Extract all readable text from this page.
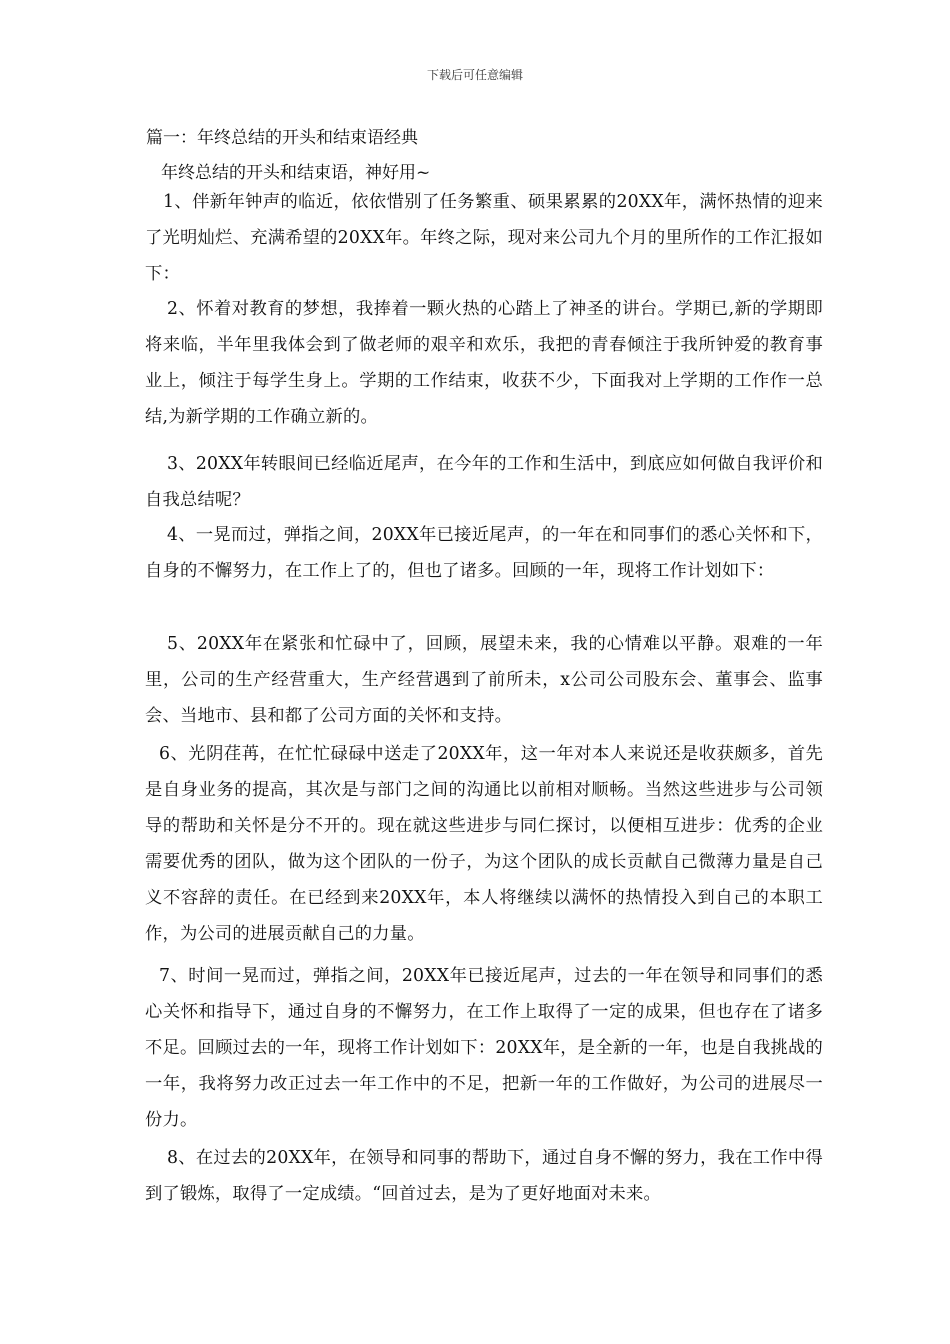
下载后可任意编辑
篇一：年终总结的开头和结束语经典
年终总结的开头和结束语，神好用~

1、伴新年钟声的临近，依依惜别了任务繁重、硕果累累的20XX年，满怀热情的迎来了光明灿烂、充满希望的20XX年。年终之际，现对来公司九个月的里所作的工作汇报如下：

2、怀着对教育的梦想，我捧着一颗火热的心踏上了神圣的讲台。学期已,新的学期即将来临，半年里我体会到了做老师的艰辛和欢乐，我把的青春倾注于我所钟爱的教育事业上，倾注于每学生身上。学期的工作结束，收获不少，下面我对上学期的工作作一总结,为新学期的工作确立新的。

3、20XX年转眼间已经临近尾声，在今年的工作和生活中，到底应如何做自我评价和自我总结呢？

4、一晃而过，弹指之间，20XX年已接近尾声，的一年在和同事们的悉心关怀和下，自身的不懈努力，在工作上了的，但也了诸多。回顾的一年，现将工作计划如下：

5、20XX年在紧张和忙碌中了，回顾，展望未来，我的心情难以平静。艰难的一年里，公司的生产经营重大，生产经营遇到了前所未，x公司公司股东会、董事会、监事会、当地市、县和都了公司方面的关怀和支持。

6、光阴荏苒，在忙忙碌碌中送走了20XX年，这一年对本人来说还是收获颇多，首先是自身业务的提高，其次是与部门之间的沟通比以前相对顺畅。当然这些进步与公司领导的帮助和关怀是分不开的。现在就这些进步与同仁探讨，以便相互进步：优秀的企业需要优秀的团队，做为这个团队的一份子，为这个团队的成长贡献自己微薄力量是自己义不容辞的责任。在已经到来20XX年，本人将继续以满怀的热情投入到自己的本职工作，为公司的进展贡献自己的力量。

7、时间一晃而过，弹指之间，20XX年已接近尾声，过去的一年在领导和同事们的悉心关怀和指导下，通过自身的不懈努力，在工作上取得了一定的成果，但也存在了诸多不足。回顾过去的一年，现将工作计划如下：20XX年，是全新的一年，也是自我挑战的一年，我将努力改正过去一年工作中的不足，把新一年的工作做好，为公司的进展尽一份力。

8、在过去的20XX年，在领导和同事的帮助下，通过自身不懈的努力，我在工作中得到了锻炼，取得了一定成绩。“回首过去，是为了更好地面对未来。
